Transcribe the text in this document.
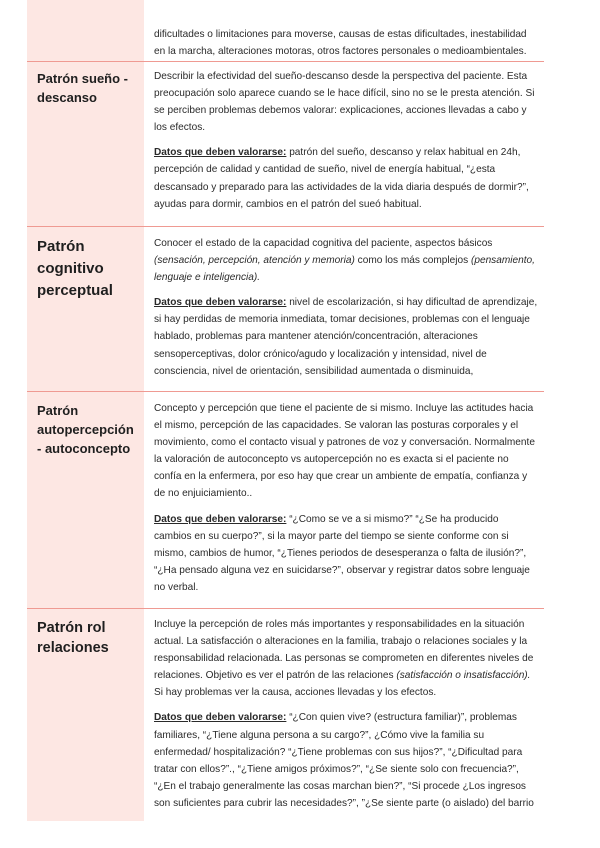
dificultades o limitaciones para moverse, causas de estas dificultades, inestabilidad en la marcha, alteraciones motoras, otros factores personales o medioambientales.

Patrón sueño - descanso

Describir la efectividad del sueño-descanso desde la perspectiva del paciente. Esta preocupación solo aparece cuando se le hace difícil, sino no se le presta atención. Si se perciben problemas debemos valorar: explicaciones, acciones llevadas a cabo y los efectos.

Datos que deben valorarse: patrón del sueño, descanso y relax habitual en 24h, percepción de calidad y cantidad de sueño, nivel de energía habitual, “¿esta descansado y preparado para las actividades de la vida diaria después de dormir?”, ayudas para dormir, cambios en el patrón del sueó habitual.

Patrón cognitivo perceptual

Conocer el estado de la capacidad cognitiva del paciente, aspectos básicos (sensación, percepción, atención y memoria) como los más complejos (pensamiento, lenguaje e inteligencia).

Datos que deben valorarse: nivel de escolarización, si hay dificultad de aprendizaje, si hay perdidas de memoria inmediata, tomar decisiones, problemas con el lenguaje hablado, problemas para mantener atención/concentración, alteraciones sensoperceptivas, dolor crónico/agudo y localización y intensidad, nivel de consciencia, nivel de orientación, sensibilidad aumentada o disminuida,

Patrón autopercepción - autoconcepto

Concepto y percepción que tiene el paciente de si mismo. Incluye las actitudes hacia el mismo, percepción de las capacidades. Se valoran las posturas corporales y el movimiento, como el contacto visual y patrones de voz y conversación. Normalmente la valoración de autoconcepto vs autopercepción no es exacta si el paciente no confía en la enfermera, por eso hay que crear un ambiente de empatía, confianza y de no enjuiciamiento..

Datos que deben valorarse: “¿Como se ve a si mismo?” “¿Se ha producido cambios en su cuerpo?”, si la mayor parte del tiempo se siente conforme con si mismo, cambios de humor, “¿Tienes periodos de desesperanza o falta de ilusión?”, “¿Ha pensado alguna vez en suicidarse?”, observar y registrar datos sobre lenguaje no verbal.

Patrón rol relaciones

Incluye la percepción de roles más importantes y responsabilidades en la situación actual. La satisfacción o alteraciones en la familia, trabajo o relaciones sociales y la responsabilidad relacionada. Las personas se comprometen en diferentes niveles de relaciones. Objetivo es ver el patrón de las relaciones (satisfacción o insatisfacción). Si hay problemas ver la causa, acciones llevadas y los efectos.

Datos que deben valorarse: “¿Con quien vive? (estructura familiar)”, problemas familiares, “¿Tiene alguna persona a su cargo?”, ¿Cómo vive la familia su enfermedad/ hospitalización? “¿Tiene problemas con sus hijos?”, “¿Dificultad para tratar con ellos?”., “¿Tiene amigos próximos?”, “¿Se siente solo con frecuencia?”, “¿En el trabajo generalmente las cosas marchan bien?”, “Si procede ¿Los ingresos son suficientes para cubrir las necesidades?”, ”¿Se siente parte (o aislado) del barrio
